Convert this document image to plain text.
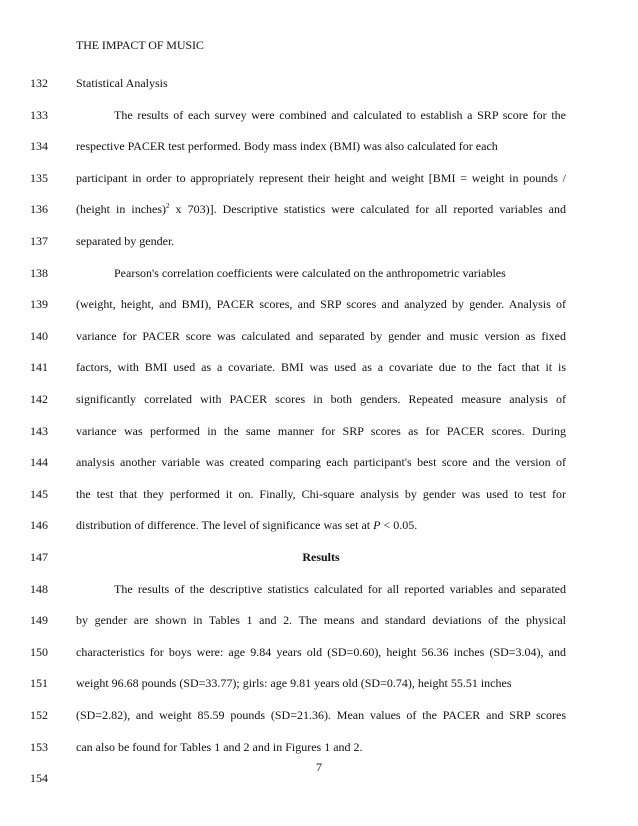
THE IMPACT OF MUSIC
132	Statistical Analysis
133	The results of each survey were combined and calculated to establish a SRP score for the
134	respective PACER test performed. Body mass index (BMI) was also calculated for each
135	participant in order to appropriately represent their height and weight [BMI = weight in pounds /
136	(height in inches)$^2$ x 703)]. Descriptive statistics were calculated for all reported variables and
137	separated by gender.
138	Pearson's correlation coefficients were calculated on the anthropometric variables
139	(weight, height, and BMI), PACER scores, and SRP scores and analyzed by gender. Analysis of
140	variance for PACER score was calculated and separated by gender and music version as fixed
141	factors, with BMI used as a covariate. BMI was used as a covariate due to the fact that it is
142	significantly correlated with PACER scores in both genders. Repeated measure analysis of
143	variance was performed in the same manner for SRP scores as for PACER scores. During
144	analysis another variable was created comparing each participant's best score and the version of
145	the test that they performed it on. Finally, Chi-square analysis by gender was used to test for
146	distribution of difference. The level of significance was set at P < 0.05.
147	Results
148	The results of the descriptive statistics calculated for all reported variables and separated
149	by gender are shown in Tables 1 and 2. The means and standard deviations of the physical
150	characteristics for boys were: age 9.84 years old (SD=0.60), height 56.36 inches (SD=3.04), and
151	weight 96.68 pounds (SD=33.77); girls: age 9.81 years old (SD=0.74), height 55.51 inches
152	(SD=2.82), and weight 85.59 pounds (SD=21.36). Mean values of the PACER and SRP scores
153	can also be found for Tables 1 and 2 and in Figures 1 and 2.
154
7
